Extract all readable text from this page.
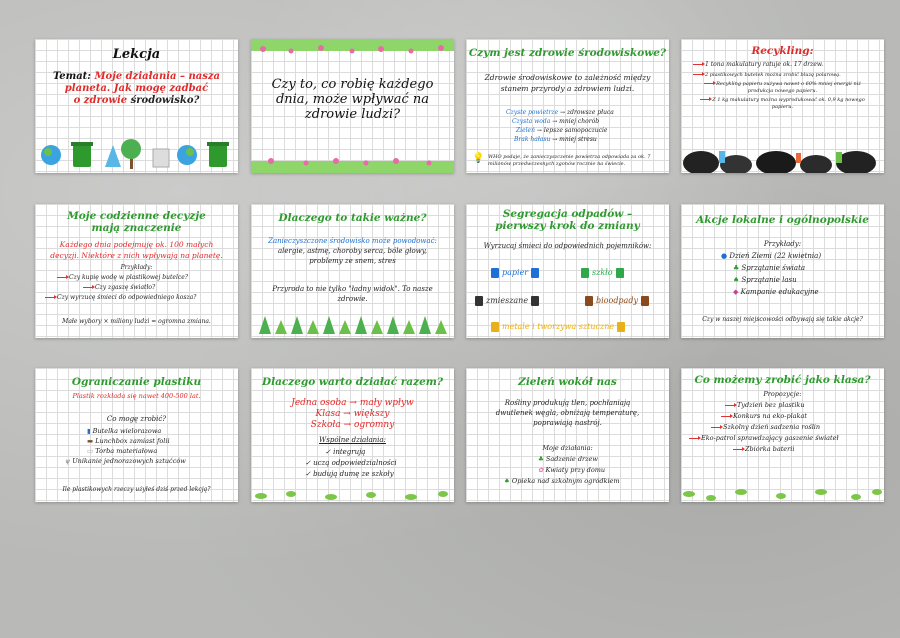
Lekcja
Temat: Moje działania – nasza planeta. Jak mogę zadbać
o zdrowie środowisko?
Czy to, co robię każdego dnia, może wpływać na zdrowie ludzi?
Czym jest zdrowie środowiskowe?
Zdrowie środowiskowe to zależność między stanem przyrody a zdrowiem ludzi.
Czyste powietrze → zdrowsze płuca
Czysta woda → mniej chorób
Zieleń → lepsze samopoczucie
Brak hałasu → mniej stresu
💡 WHO podaje, że zanieczyszczenie powietrza odpowiada za ok. 7 milionów przedwczesnych zgonów rocznie na świecie.
Recykling:
1 tona makulatury ratuje ok. 17 drzew.
2 plastikowych butelek można zrobić bluzę polarową.
Recykling papieru zużywa nawet o 60% mniej energii niż produkcja nowego papieru.
Z 1 kg makulatury można wyprodukować ok. 0,9 kg nowego papieru.
Moje codzienne decyzje mają znaczenie
Każdego dnia podejmuję ok. 100 małych decyzji. Niektóre z nich wpływają na planetę.
Przykłady:
Czy kupię wodę w plastikowej butelce?
Czy zgaszę światło?
Czy wyrzucę śmieci do odpowiedniego kosza?
Małe wybory × miliony ludzi = ogromna zmiana.
Dlaczego to takie ważne?
Zanieczyszczone środowisko może powodować:
alergie, astmę, choroby serca, bóle głowy, problemy ze snem, stres
Przyroda to nie tylko "ładny widok". To nasze zdrowie.
Segregacja odpadów – pierwszy krok do zmiany
Wyrzucaj śmieci do odpowiednich pojemników:
papier	szkło
zmieszane	bioodpady
metale i tworzywa sztuczne
Akcje lokalne i ogólnopolskie
Przykłady:
● Dzień Ziemi (22 kwietnia)
♣ Sprzątanie świata
♠ Sprzątanie lasu
◆ Kampanie edukacyjne
Czy w naszej miejscowości odbywają się takie akcje?
Ograniczanie plastiku
Plastik rozkłada się nawet 400-500 lat.
Co mogę zrobić?
▮ Butelka wielorazowa
▬ Lunchbox zamiast folii
▭ Torba materiałowa
ψ Unikanie jednorazowych sztućców
Ile plastikowych rzeczy użyłeś dziś przed lekcją?
Dlaczego warto działać razem?
Jedna osoba → mały wpływ
Klasa → większy
Szkoła → ogromny
Wspólne działania:
✓ integrują
✓ uczą odpowiedzialności
✓ budują dumę ze szkoły
Zieleń wokół nas
Rośliny produkują tlen, pochłaniają dwutlenek węgla, obniżają temperaturę, poprawiają nastrój.
Moje działania:
♣ Sadzenie drzew
✿ Kwiaty przy domu
♠ Opieka nad szkolnym ogródkiem
Co możemy zrobić jako klasa?
Propozycje:
Tydzień bez plastiku
Konkurs na eko-plakat
Szkolny dzień sadzenia roślin
Eko-patrol sprawdzający gaszenie świateł
Zbiórka baterii
